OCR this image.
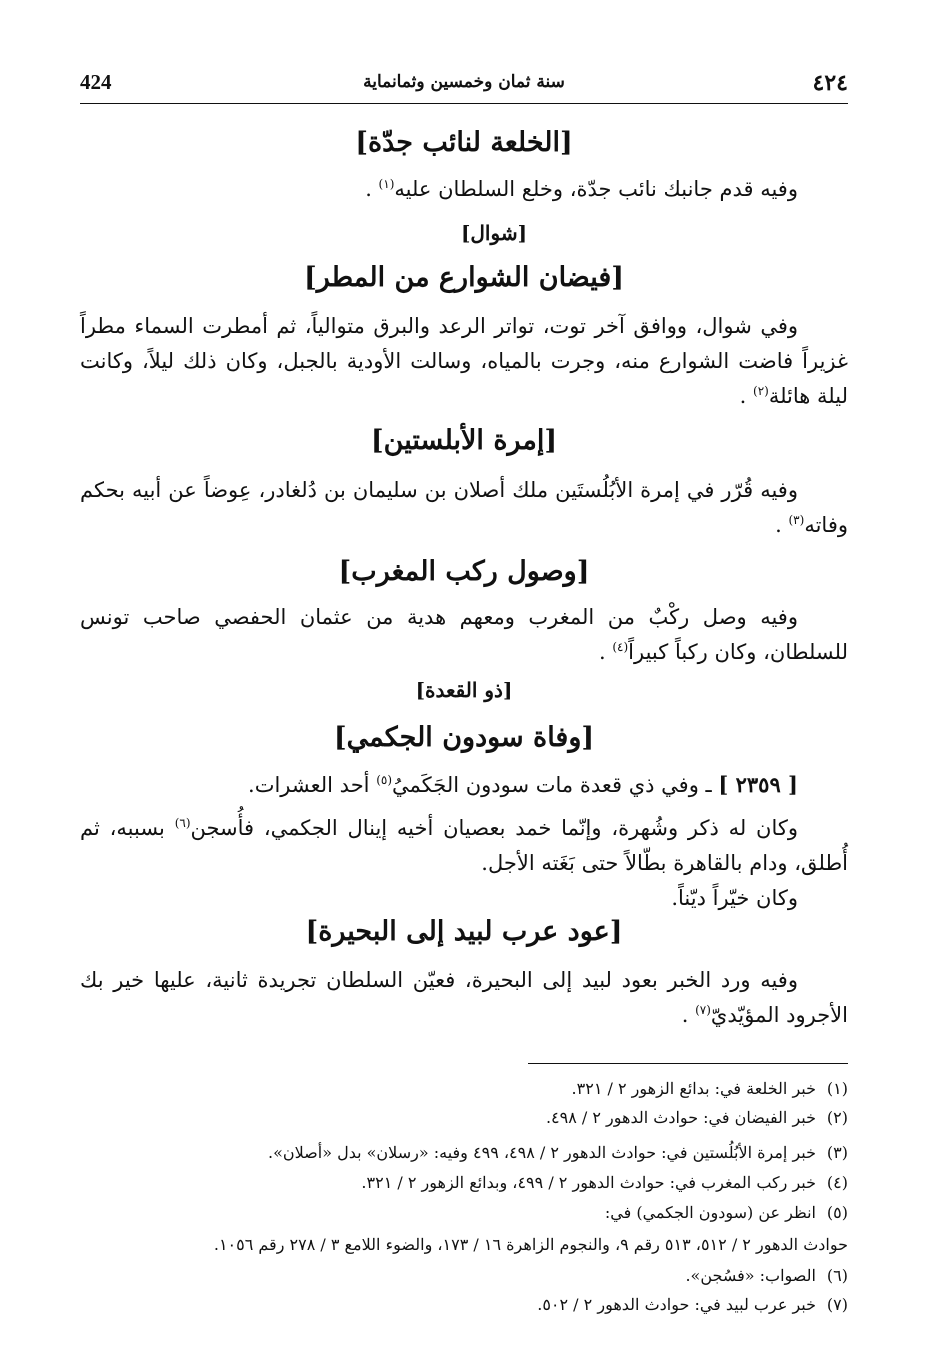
٤٢٤
سنة ثمان وخمسين وثمانماية
424
[الخلعة لنائب جدّة]
وفيه قدم جانبك نائب جدّة، وخلع السلطان عليه$^{(١)}$ .
[شوال]
[فيضان الشوارع من المطر]
وفي شوال، ووافق آخر توت، تواتر الرعد والبرق متوالياً، ثم أمطرت السماء مطراً غزيراً فاضت الشوارع منه، وجرت بالمياه، وسالت الأودية بالجبل، وكان ذلك ليلاً، وكانت ليلة هائلة$^{(٢)}$ .
[إمرة الأبلستين]
وفيه قُرّر في إمرة الأبُلُستَين ملك أصلان بن سليمان بن دُلغادر، عِوضاً عن أبيه بحكم وفاته$^{(٣)}$ .
[وصول ركب المغرب]
وفيه وصل ركْبٌ من المغرب ومعهم هدية من عثمان الحفصي صاحب تونس للسلطان، وكان ركباً كبيراً$^{(٤)}$ .
[ذو القعدة]
[وفاة سودون الجكمي]
[ ٢٣٥٩ ] ـ وفي ذي قعدة مات سودون الجَكَميُ$^{(٥)}$ أحد العشرات.
وكان له ذكر وشُهرة، وإنّما خمد بعصيان أخيه إينال الجكمي، فأُسجن$^{(٦)}$ بسببه، ثم أُطلق، ودام بالقاهرة بطّالاً حتى بَغَته الأجل.
وكان خيّراً ديّناً.
[عود عرب لبيد إلى البحيرة]
وفيه ورد الخبر بعود لبيد إلى البحيرة، فعيّن السلطان تجريدة ثانية، عليها خير بك الأجرود المؤيّديّ$^{(٧)}$ .
(١)خبر الخلعة في: بدائع الزهور ٢ / ٣٢١.
(٢)خبر الفيضان في: حوادث الدهور ٢ / ٤٩٨.
(٣)خبر إمرة الأبُلُستين في: حوادث الدهور ٢ / ٤٩٨، ٤٩٩ وفيه: «رسلان» بدل «أصلان».
(٤)خبر ركب المغرب في: حوادث الدهور ٢ / ٤٩٩، وبدائع الزهور ٢ / ٣٢١.
(٥)انظر عن (سودون الجكمي) في:
حوادث الدهور ٢ / ٥١٢، ٥١٣ رقم ٩، والنجوم الزاهرة ١٦ / ١٧٣، والضوء اللامع ٣ / ٢٧٨ رقم ١٠٥٦.
(٦)الصواب: «فسُجن».
(٧)خبر عرب لبيد في: حوادث الدهور ٢ / ٥٠٢.
